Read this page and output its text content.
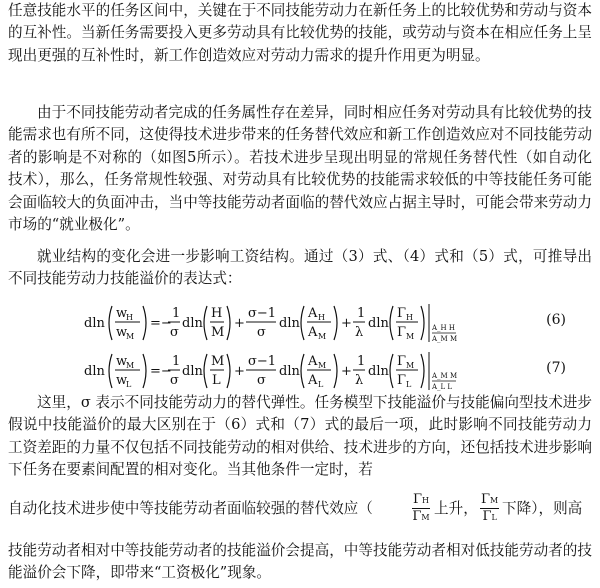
任意技能水平的任务区间中，关键在于不同技能劳动力在新任务上的比较优势和劳动与资本的互补性。当新任务需要投入更多劳动具有比较优势的技能，或劳动与资本在相应任务上呈现出更强的互补性时，新工作创造效应对劳动力需求的提升作用更为明显。

由于不同技能劳动者完成的任务属性存在差异，同时相应任务对劳动具有比较优势的技能需求也有所不同，这使得技术进步带来的任务替代效应和新工作创造效应对不同技能劳动者的影响是不对称的（如图5所示）。若技术进步呈现出明显的常规任务替代性（如自动化技术），那么，任务常规性较强、对劳动具有比较优势的技能需求较低的中等技能任务可能会面临较大的负面冲击，当中等技能劳动者面临的替代效应占据主导时，可能会带来劳动力市场的“就业极化”。

就业结构的变化会进一步影响工资结构。通过（3）式、（4）式和（5）式，可推导出不同技能劳动力技能溢价的表达式：

dln
w
H
w
M
=−
1
σ
dln
H
M
+
σ−1
σ
dln
A H
A M
+
1
λ
dln
Γ H
Γ M
A_H H
A_M M
(6)
dln
w
M
w
L
=−
1
σ
dln
M
L
+
σ−1
σ
dln
A M
A L
+
1
λ
dln
Γ M
Γ L
A_M M
A_L L
(7)

这里，σ 表示不同技能劳动力的替代弹性。任务模型下技能溢价与技能偏向型技术进步假说中技能溢价的最大区别在于（6）式和（7）式的最后一项，此时影响不同技能劳动力工资差距的力量不仅包括不同技能劳动的相对供给、技术进步的方向，还包括技术进步影响下任务在要素间配置的相对变化。当其他条件一定时，若

自动化技术进步使中等技能劳动者面临较强的替代效应（	$\frac{\Gamma H}{\Gamma M}$ 上升， $\frac{\Gamma M}{\Gamma L}$ 下降），则高

技能劳动者相对中等技能劳动者的技能溢价会提高，中等技能劳动者相对低技能劳动者的技能溢价会下降，即带来“工资极化”现象。
